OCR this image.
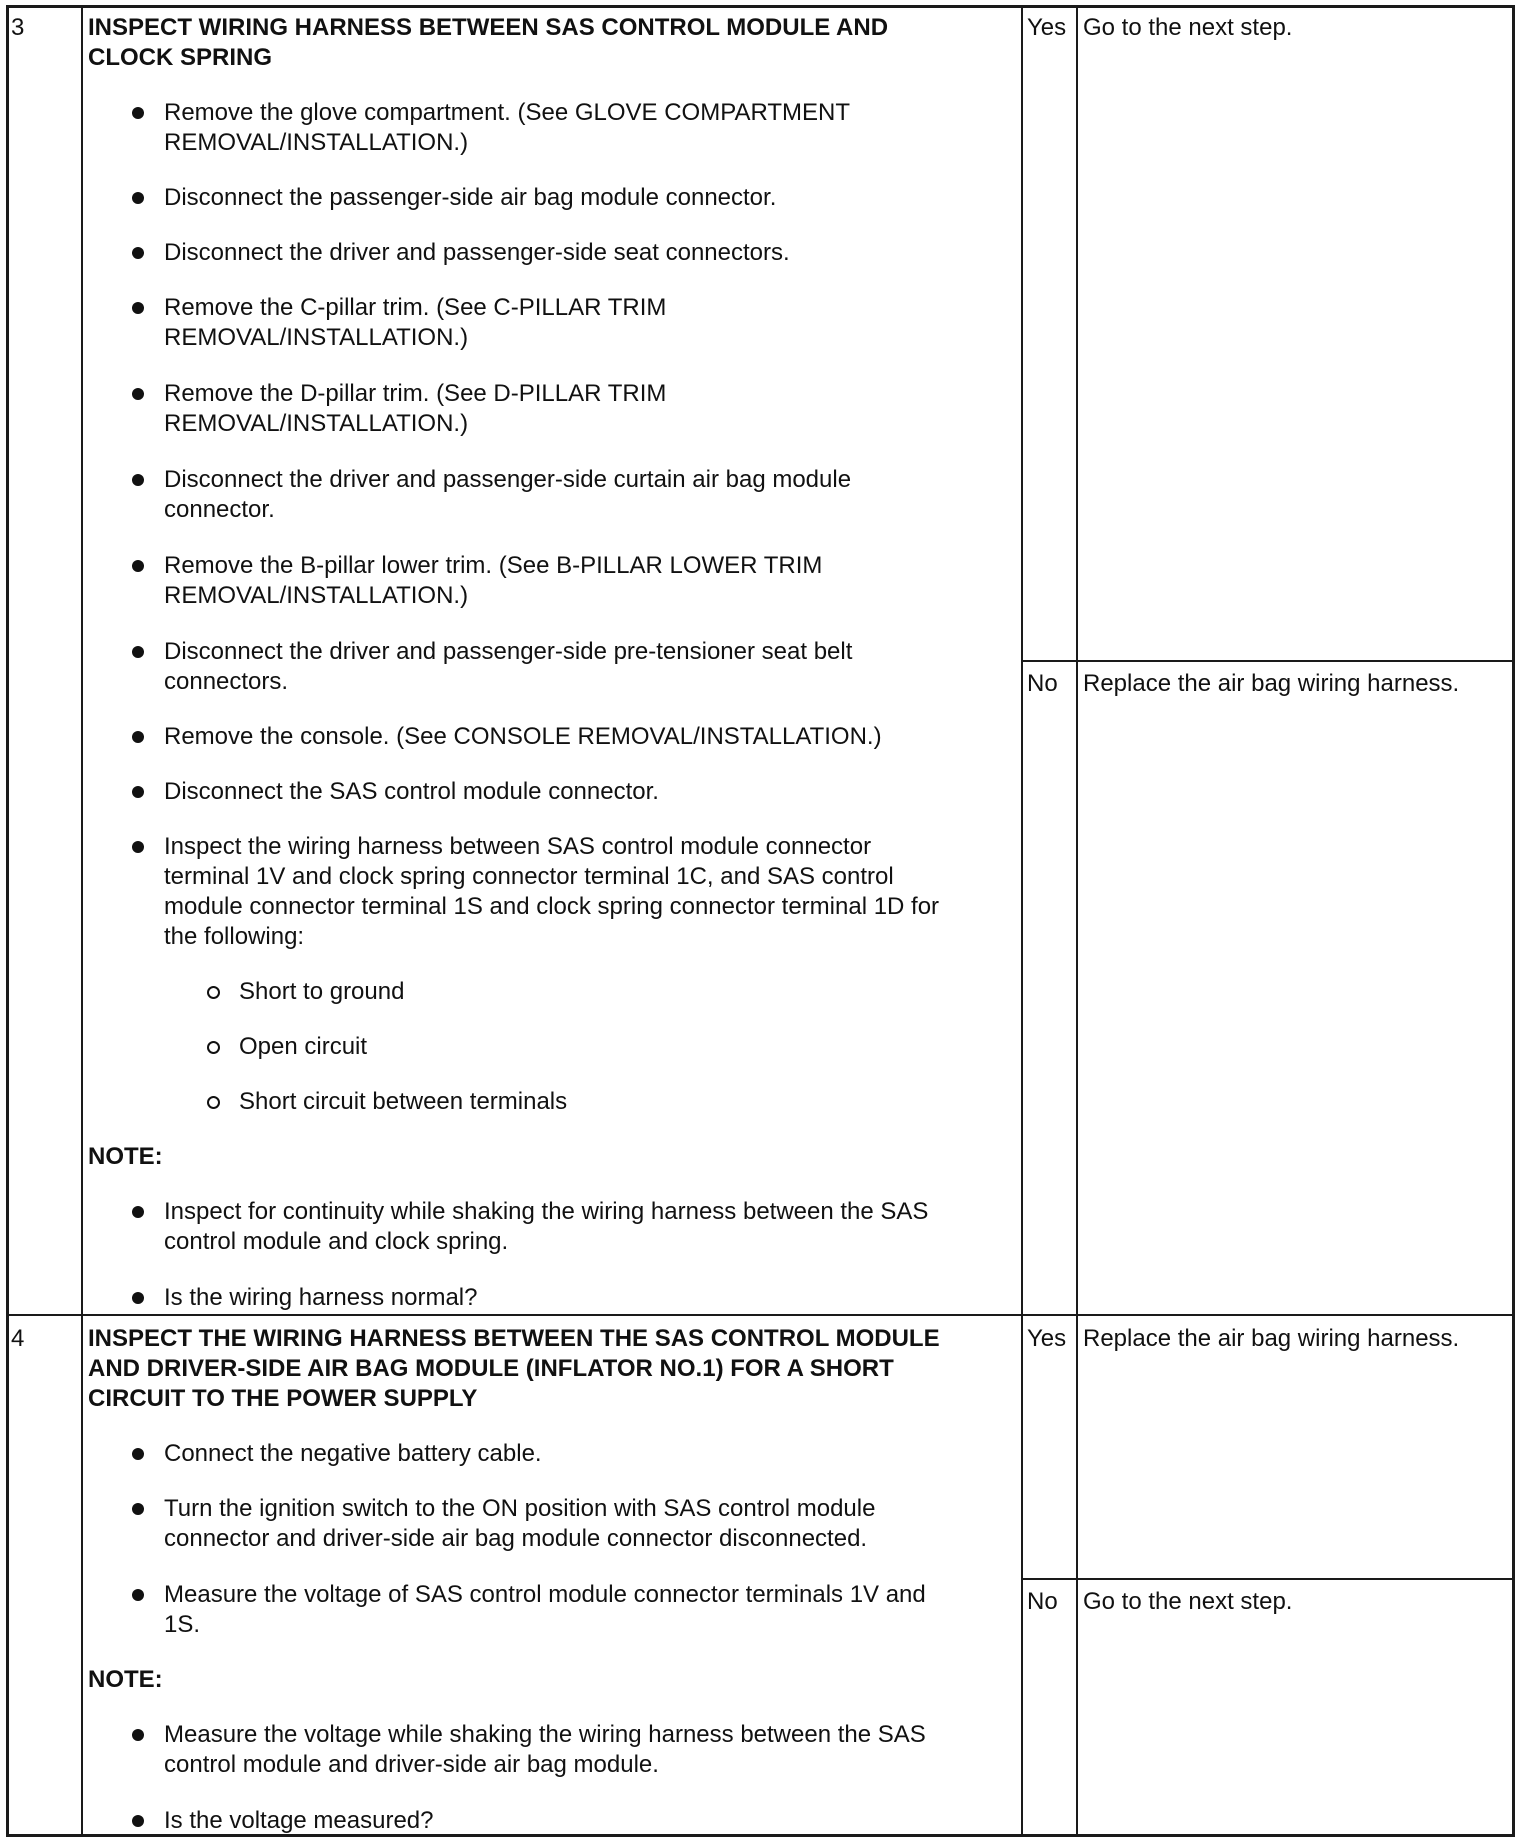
3	INSPECT WIRING HARNESS BETWEEN SAS CONTROL MODULE AND
CLOCK SPRING
Remove the glove compartment. (See GLOVE COMPARTMENT
REMOVAL/INSTALLATION.)
Disconnect the passenger-side air bag module connector.
Disconnect the driver and passenger-side seat connectors.
Remove the C-pillar trim. (See C-PILLAR TRIM
REMOVAL/INSTALLATION.)
Remove the D-pillar trim. (See D-PILLAR TRIM
REMOVAL/INSTALLATION.)
Disconnect the driver and passenger-side curtain air bag module
connector.
Remove the B-pillar lower trim. (See B-PILLAR LOWER TRIM
REMOVAL/INSTALLATION.)
Disconnect the driver and passenger-side pre-tensioner seat belt
connectors.
Remove the console. (See CONSOLE REMOVAL/INSTALLATION.)
Disconnect the SAS control module connector.
Inspect the wiring harness between SAS control module connector
terminal 1V and clock spring connector terminal 1C, and SAS control
module connector terminal 1S and clock spring connector terminal 1D for
the following:
Short to ground
Open circuit
Short circuit between terminals
NOTE:
Inspect for continuity while shaking the wiring harness between the SAS
control module and clock spring.
Is the wiring harness normal?
Yes Go to the next step.
No Replace the air bag wiring harness.
4	INSPECT THE WIRING HARNESS BETWEEN THE SAS CONTROL MODULE
AND DRIVER-SIDE AIR BAG MODULE (INFLATOR NO.1) FOR A SHORT
CIRCUIT TO THE POWER SUPPLY
Connect the negative battery cable.
Turn the ignition switch to the ON position with SAS control module
connector and driver-side air bag module connector disconnected.
Measure the voltage of SAS control module connector terminals 1V and
1S.
NOTE:
Measure the voltage while shaking the wiring harness between the SAS
control module and driver-side air bag module.
Is the voltage measured?
Yes Replace the air bag wiring harness.
No Go to the next step.
